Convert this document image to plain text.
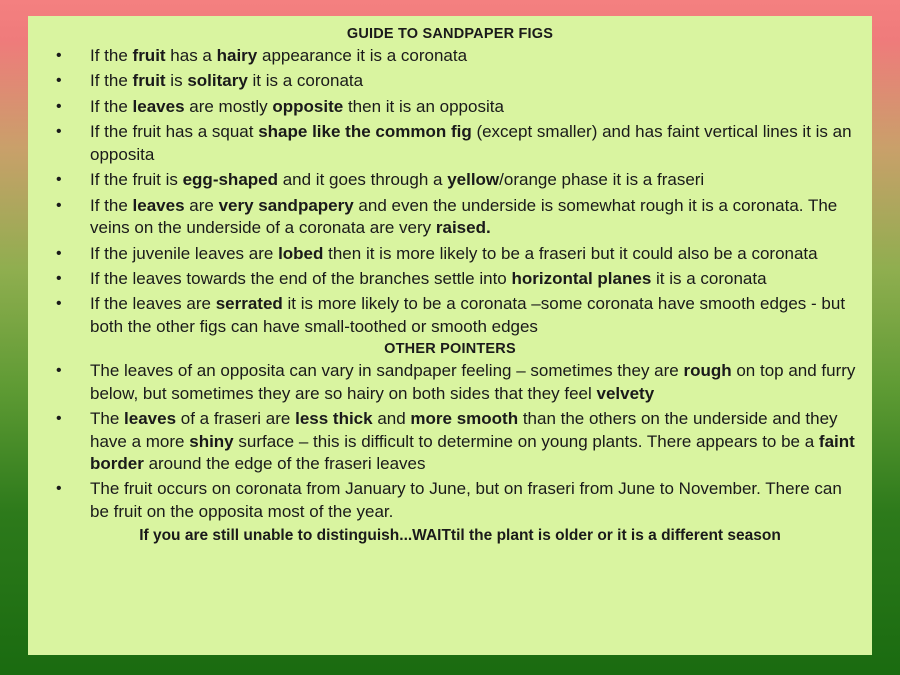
GUIDE TO SANDPAPER FIGS
• If the fruit has a hairy appearance it is a coronata
• If the fruit is solitary it is a coronata
• If the leaves are mostly opposite then it is an opposita
• If the fruit has a squat shape like the common fig (except smaller) and has faint vertical lines it is an opposita
• If the fruit is egg-shaped and it goes through a yellow/orange phase it is a fraseri
• If the leaves are very sandpapery and even the underside is somewhat rough it is a coronata. The veins on the underside of a coronata are very raised.
• If the juvenile leaves are lobed then it is more likely to be a fraseri but it could also be a coronata
• If the leaves towards the end of the branches settle into horizontal planes it is a coronata
• If the leaves are serrated it is more likely to be a coronata –some coronata have smooth edges - but both the other figs can have small-toothed or smooth edges
OTHER POINTERS
• The leaves of an opposita can vary in sandpaper feeling – sometimes they are rough on top and furry below, but sometimes they are so hairy on both sides that they feel velvety
• The leaves of a fraseri are less thick and more smooth than the others on the underside and they have a more shiny surface – this is difficult to determine on young plants. There appears to be a faint border around the edge of the fraseri leaves
• The fruit occurs on coronata from January to June, but on fraseri from June to November. There can be fruit on the opposita most of the year.
If you are still unable to distinguish...WAITtil the plant is older or it is a different season
